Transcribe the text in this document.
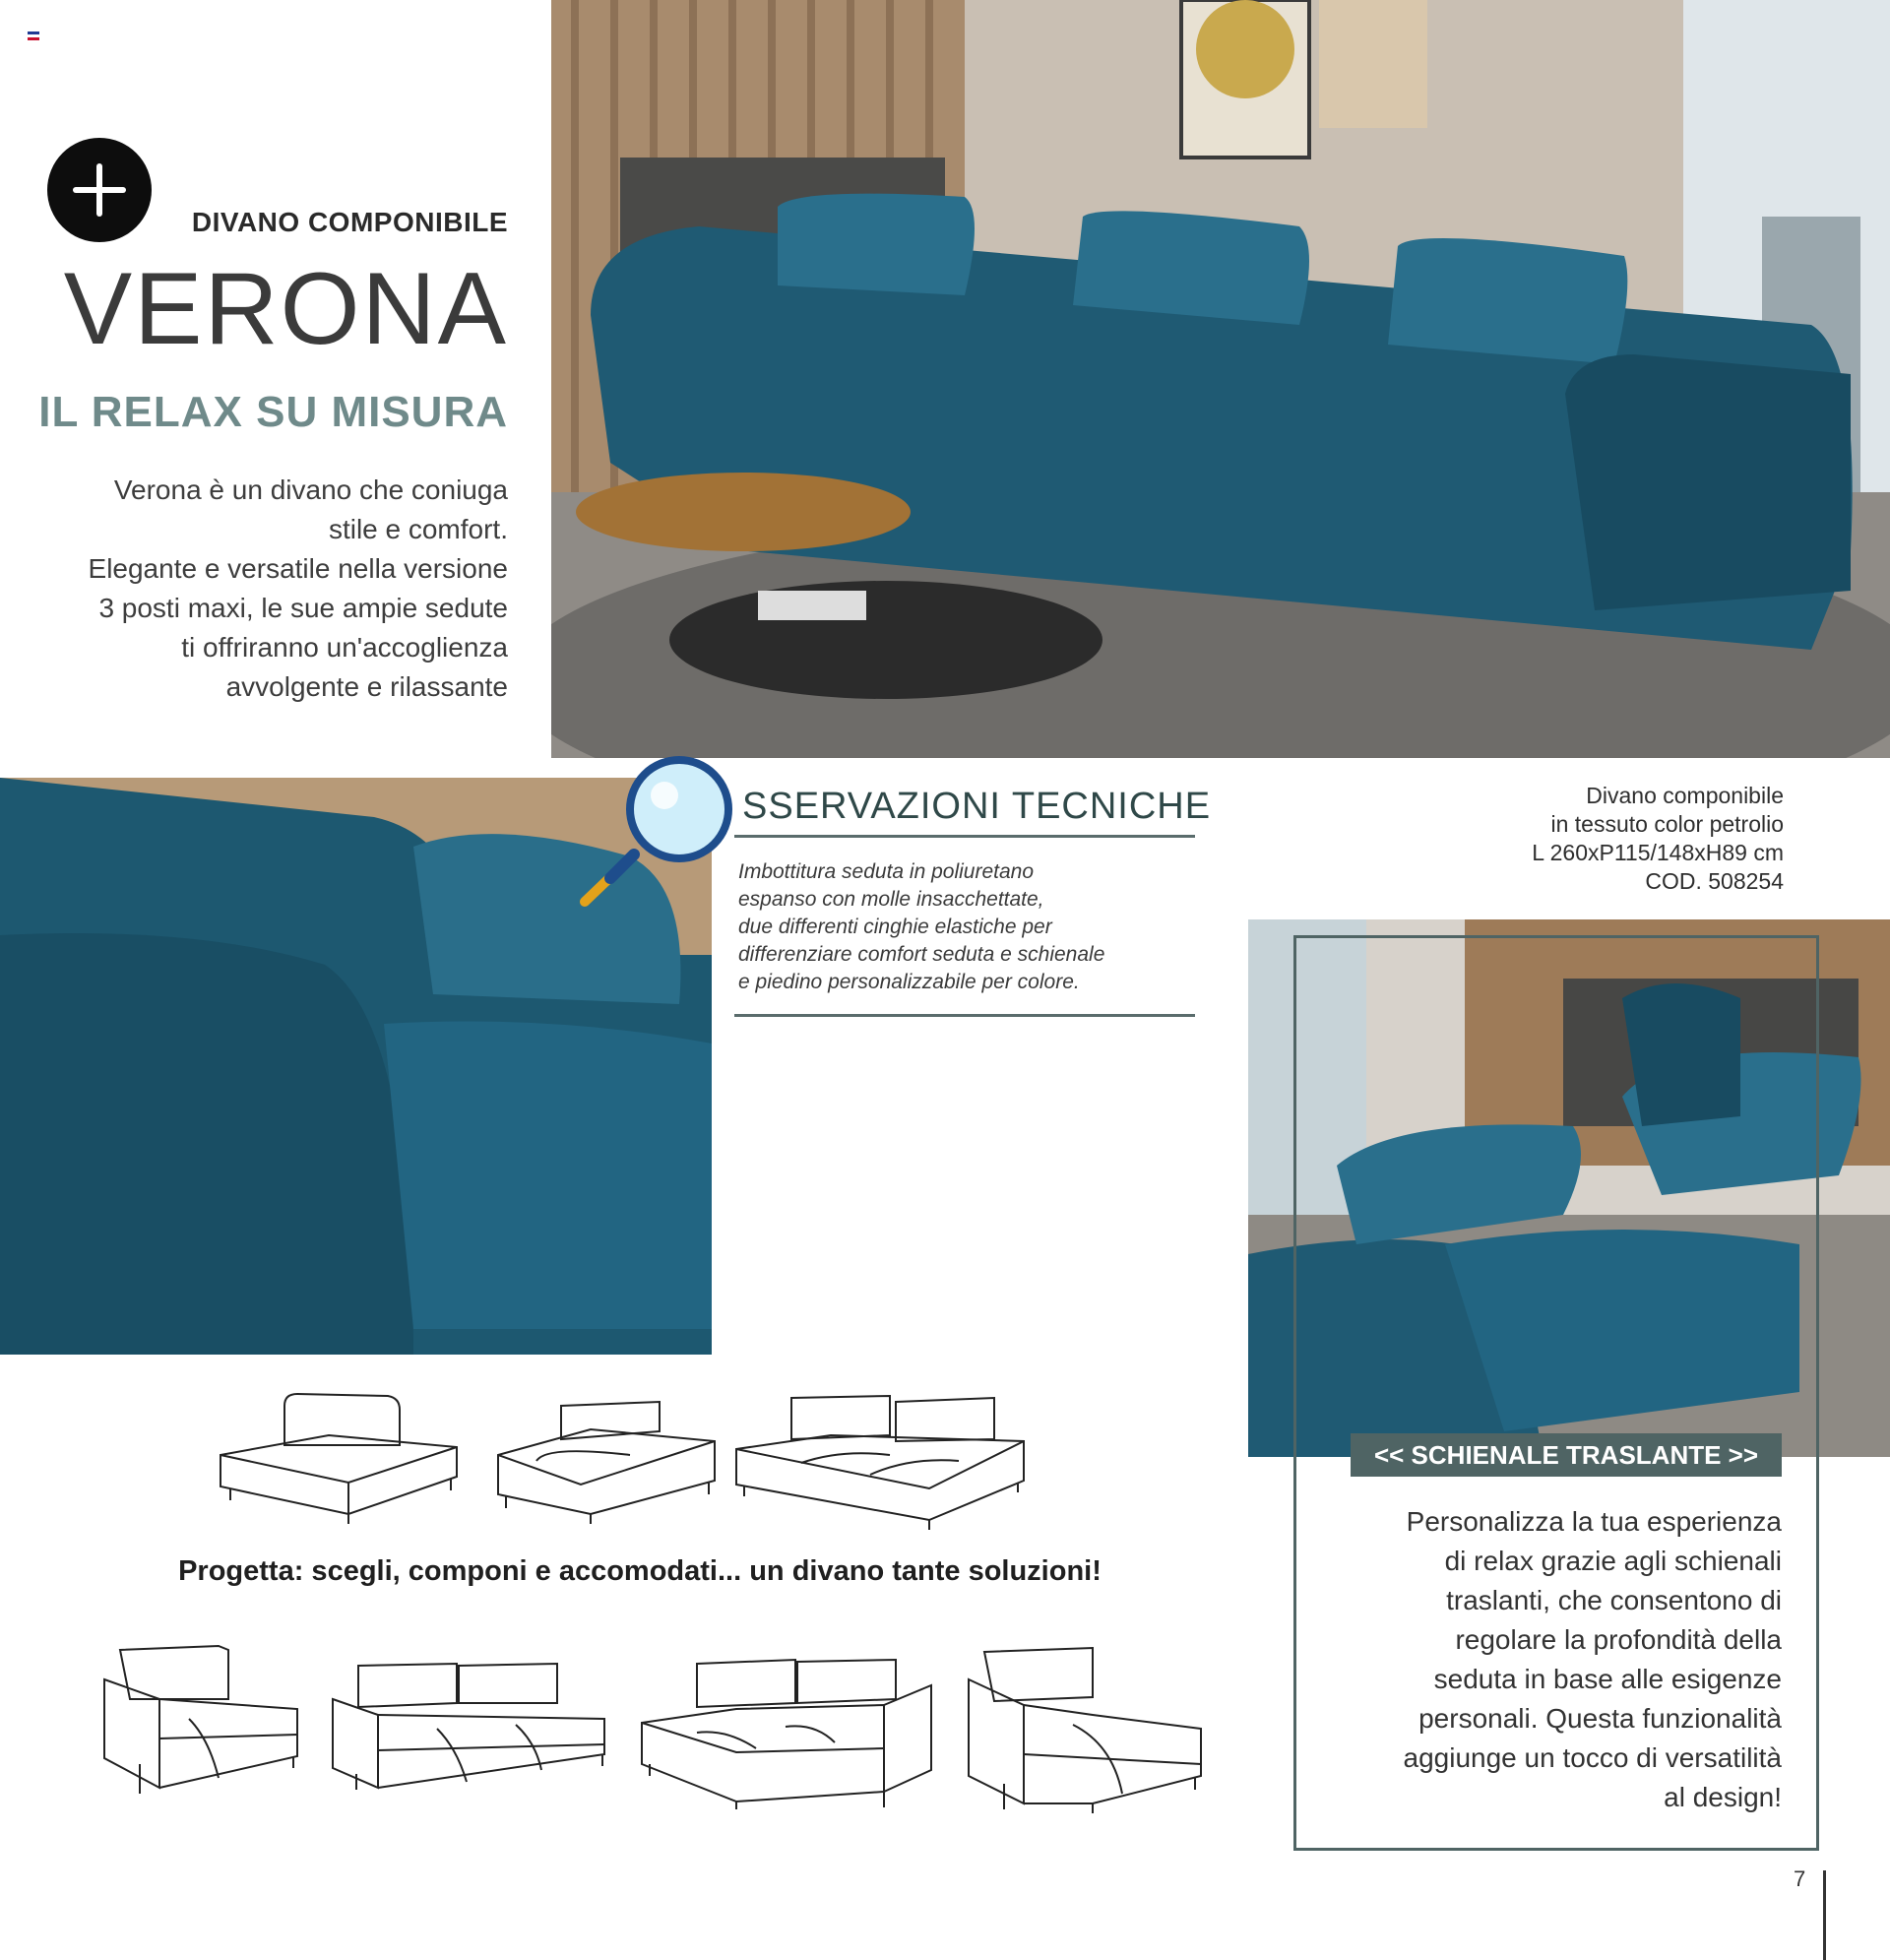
DIVANO COMPONIBILE
VERONA
IL RELAX SU MISURA
Verona è un divano che coniuga
stile e comfort.
Elegante e versatile nella versione
3 posti maxi, le sue ampie sedute
ti offriranno un'accoglienza
avvolgente e rilassante
SSERVAZIONI TECNICHE
Imbottitura seduta in poliuretano
espanso con molle insacchettate,
due differenti cinghie elastiche per
differenziare comfort seduta e schienale
e piedino personalizzabile per colore.
Divano componibile
in tessuto color petrolio
L 260xP115/148xH89 cm
COD. 508254
<< SCHIENALE TRASLANTE >>
Personalizza la tua esperienza
di relax grazie agli schienali
traslanti, che consentono di
regolare la profondità della
seduta in base alle esigenze
personali. Questa funzionalità
aggiunge un tocco di versatilità
al design!
Progetta: scegli, componi e accomodati... un divano tante soluzioni!
7
